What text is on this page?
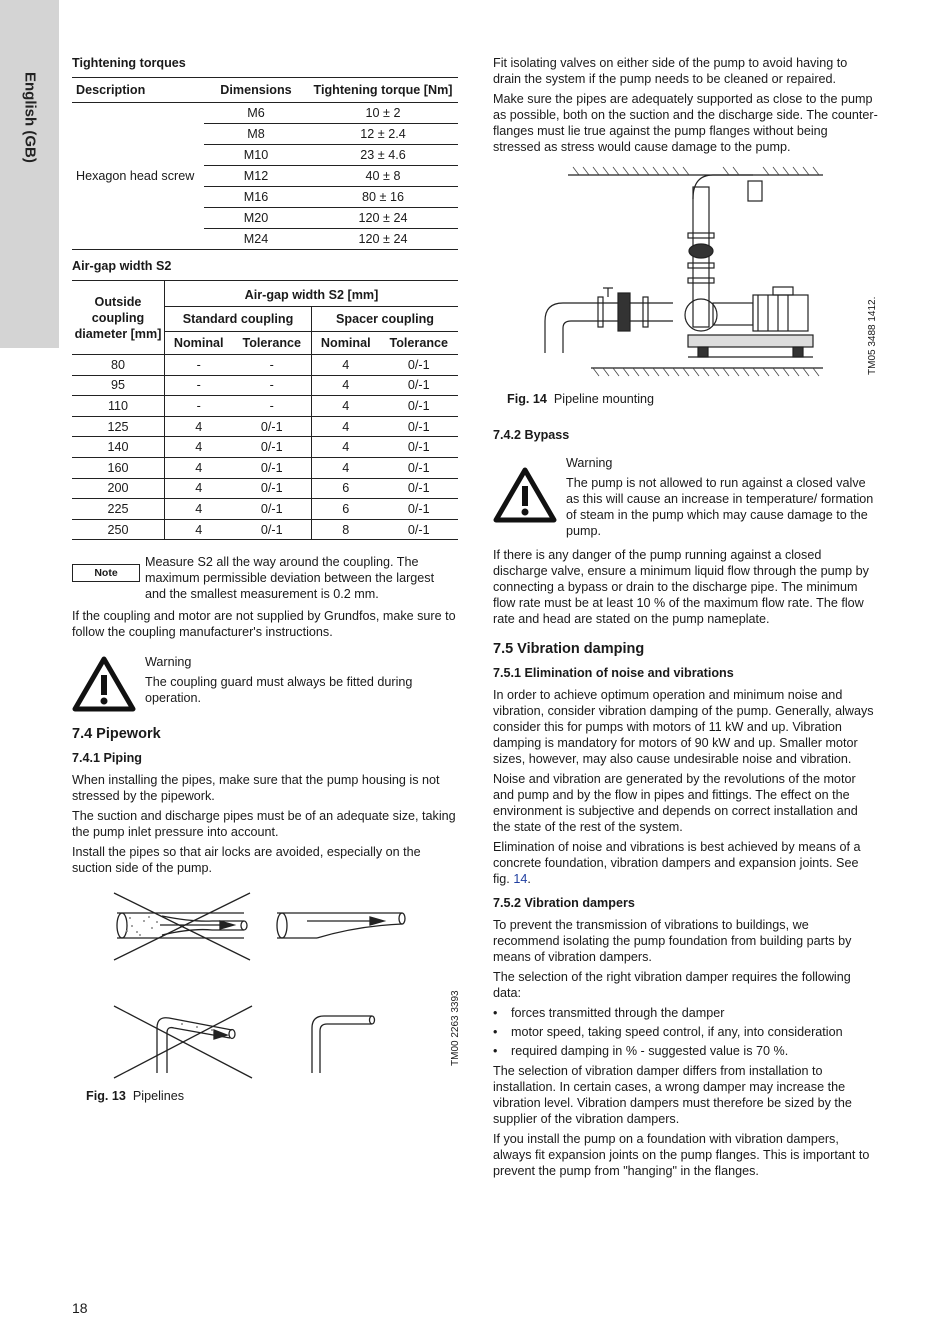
English (GB)
Tightening torques
Description	Dimensions	Tightening torque [Nm]
Hexagon head screw	M6	10 ± 2
	M8	12 ± 2.4
	M10	23 ± 4.6
	M12	40 ± 8
	M16	80 ± 16
	M20	120 ± 24
	M24	120 ± 24
Air-gap width S2
Outside coupling diameter [mm]	Air-gap width S2 [mm]			
	Standard coupling		Spacer coupling	
	Nominal	Tolerance	Nominal	Tolerance
80	-	-	4	0/-1
95	-	-	4	0/-1
110	-	-	4	0/-1
125	4	0/-1	4	0/-1
140	4	0/-1	4	0/-1
160	4	0/-1	4	0/-1
200	4	0/-1	6	0/-1
225	4	0/-1	6	0/-1
250	4	0/-1	8	0/-1
Note

Measure S2 all the way around the coupling. The maximum permissible deviation between the largest and the smallest measurement is 0.2 mm.

If the coupling and motor are not supplied by Grundfos, make sure to follow the coupling manufacturer's instructions.

Warning

The coupling guard must always be fitted during operation.

7.4 Pipework
7.4.1 Piping

When installing the pipes, make sure that the pump housing is not stressed by the pipework.

The suction and discharge pipes must be of an adequate size, taking the pump inlet pressure into account.

Install the pipes so that air locks are avoided, especially on the suction side of the pump.

TM00 2263 3393
Fig. 13 Pipelines

Fit isolating valves on either side of the pump to avoid having to drain the system if the pump needs to be cleaned or repaired.

Make sure the pipes are adequately supported as close to the pump as possible, both on the suction and the discharge side. The counter-flanges must lie true against the pump flanges without being stressed as stress would cause damage to the pump.

TM05 3488 1412.
Fig. 14 Pipeline mounting
7.4.2 Bypass

Warning

The pump is not allowed to run against a closed valve as this will cause an increase in temperature/ formation of steam in the pump which may cause damage to the pump.

If there is any danger of the pump running against a closed discharge valve, ensure a minimum liquid flow through the pump by connecting a bypass or drain to the discharge pipe. The minimum flow rate must be at least 10 % of the maximum flow rate. The flow rate and head are stated on the pump nameplate.

7.5 Vibration damping
7.5.1 Elimination of noise and vibrations

In order to achieve optimum operation and minimum noise and vibration, consider vibration damping of the pump. Generally, always consider this for pumps with motors of 11 kW and up. Vibration damping is mandatory for motors of 90 kW and up. Smaller motor sizes, however, may also cause undesirable noise and vibration.

Noise and vibration are generated by the revolutions of the motor and pump and by the flow in pipes and fittings. The effect on the environment is subjective and depends on correct installation and the state of the rest of the system.

Elimination of noise and vibrations is best achieved by means of a concrete foundation, vibration dampers and expansion joints. See fig. 14.

7.5.2 Vibration dampers

To prevent the transmission of vibrations to buildings, we recommend isolating the pump foundation from building parts by means of vibration dampers.

The selection of the right vibration damper requires the following data:

• forces transmitted through the damper
• motor speed, taking speed control, if any, into consideration
• required damping in % - suggested value is 70 %.

The selection of vibration damper differs from installation to installation. In certain cases, a wrong damper may increase the vibration level. Vibration dampers must therefore be sized by the supplier of the vibration dampers.

If you install the pump on a foundation with vibration dampers, always fit expansion joints on the pump flanges. This is important to prevent the pump from "hanging" in the flanges.

18
